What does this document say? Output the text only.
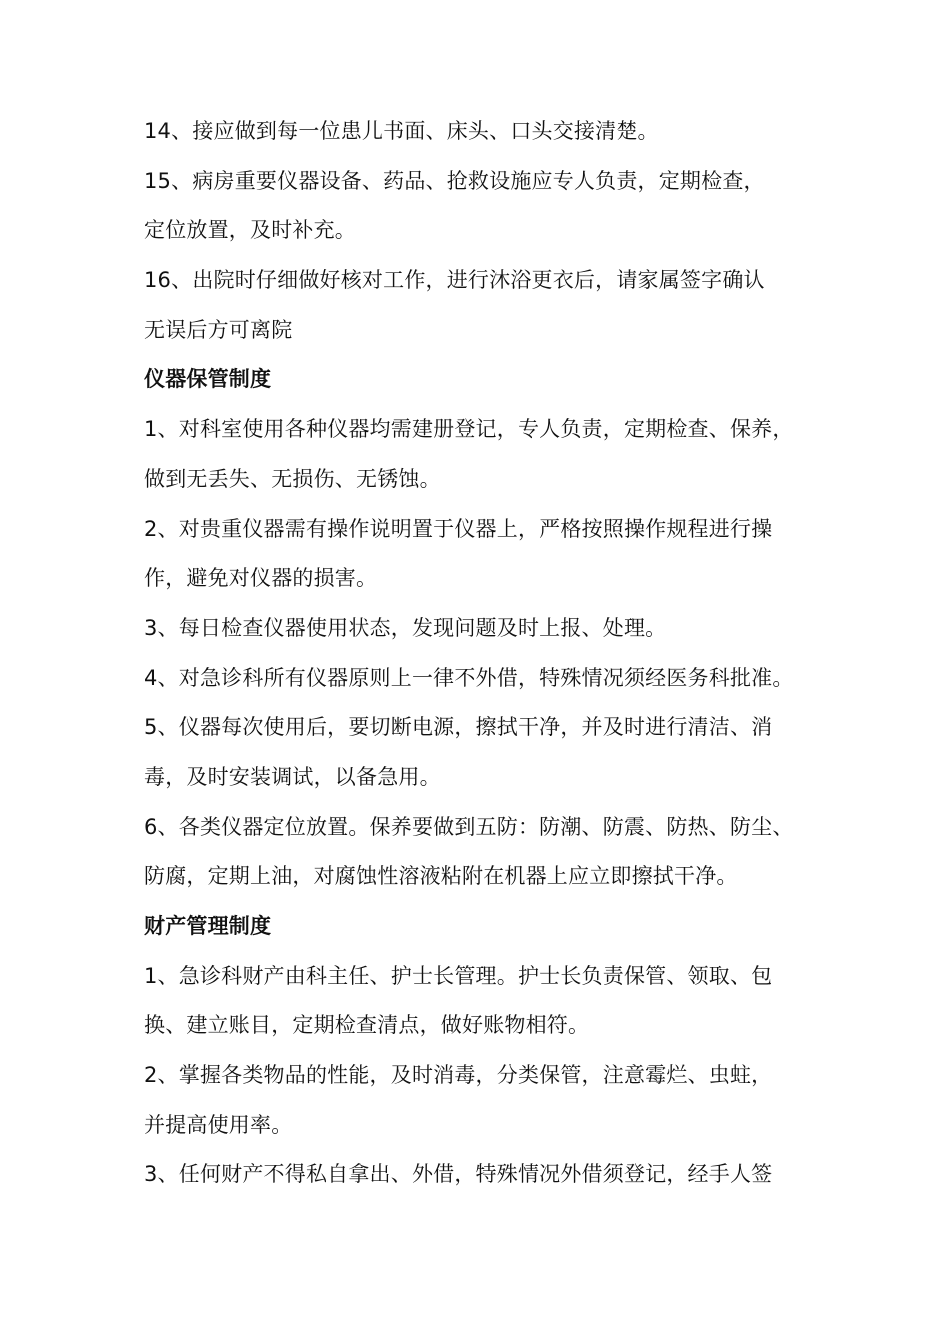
14、接应做到每一位患儿书面、床头、口头交接清楚。
15、病房重要仪器设备、药品、抢救设施应专人负责，定期检查，
定位放置，及时补充。
16、出院时仔细做好核对工作，进行沐浴更衣后，请家属签字确认
无误后方可离院
仪器保管制度
1、对科室使用各种仪器均需建册登记，专人负责，定期检查、保养，
做到无丢失、无损伤、无锈蚀。
2、对贵重仪器需有操作说明置于仪器上，严格按照操作规程进行操
作，避免对仪器的损害。
3、每日检查仪器使用状态，发现问题及时上报、处理。
4、对急诊科所有仪器原则上一律不外借，特殊情况须经医务科批准。
5、仪器每次使用后，要切断电源，擦拭干净，并及时进行清洁、消
毒，及时安装调试，以备急用。
6、各类仪器定位放置。保养要做到五防：防潮、防震、防热、防尘、
防腐，定期上油，对腐蚀性溶液粘附在机器上应立即擦拭干净。
财产管理制度
1、急诊科财产由科主任、护士长管理。护士长负责保管、领取、包
换、建立账目，定期检查清点，做好账物相符。
2、掌握各类物品的性能，及时消毒，分类保管，注意霉烂、虫蛀，
并提高使用率。
3、任何财产不得私自拿出、外借，特殊情况外借须登记，经手人签
